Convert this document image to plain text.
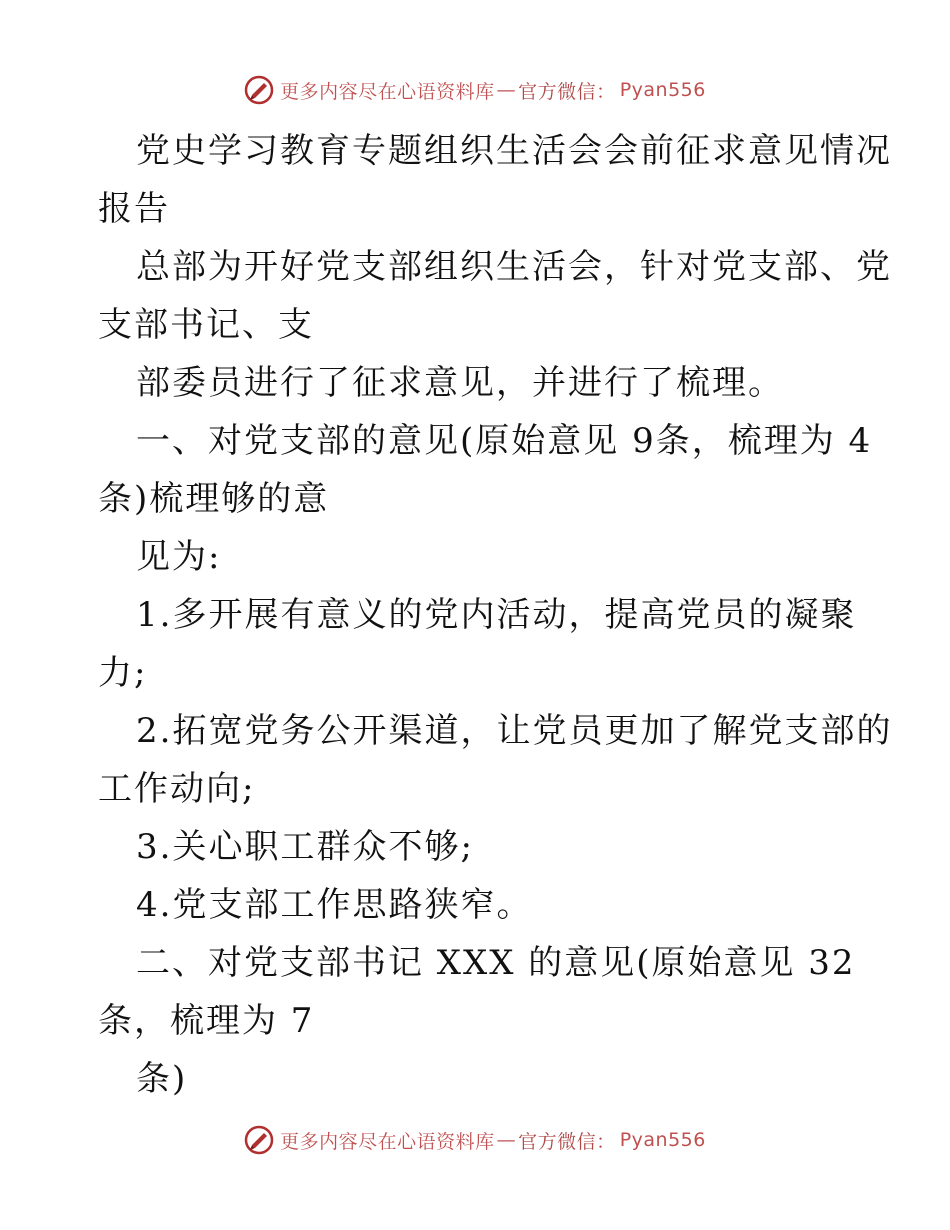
更多内容尽在心语资料库 — 官方微信： Pyan556
党史学习教育专题组织生活会会前征求意见情况
报告
总部为开好党支部组织生活会，针对党支部、党
支部书记、支
部委员进行了征求意见，并进行了梳理。
一、对党支部的意见(原始意见 9条，梳理为 4
条)梳理够的意
见为:
1.多开展有意义的党内活动，提高党员的凝聚
力;
2.拓宽党务公开渠道，让党员更加了解党支部的
工作动向;
3.关心职工群众不够;
4.党支部工作思路狭窄。
二、对党支部书记 XXX 的意见(原始意见 32
条，梳理为 7
条)
更多内容尽在心语资料库 — 官方微信： Pyan556
